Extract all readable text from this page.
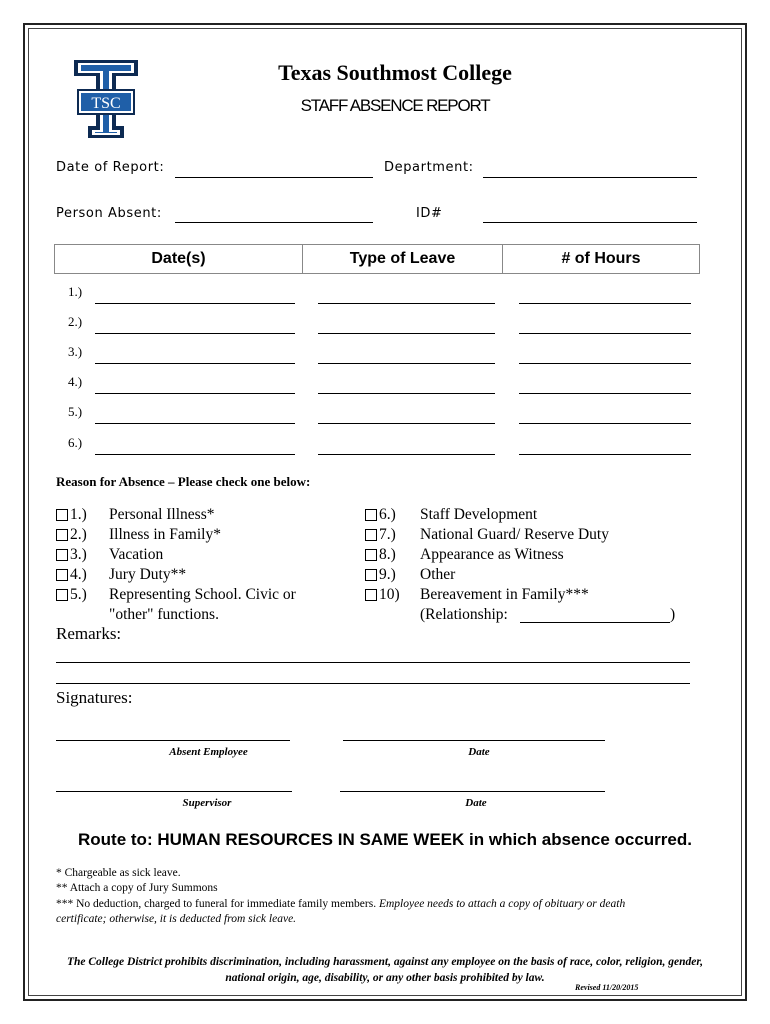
TSC
Texas Southmost College
STAFF ABSENCE REPORT
Date of Report:	Department:
Person Absent:	ID#
Date(s)	Type of Leave	# of Hours
1.)
2.)
3.)
4.)
5.)
6.)
Reason for Absence – Please check one below:
1.) Personal Illness*
2.) Illness in Family*
3.) Vacation
4.) Jury Duty**
5.) Representing School. Civic or
"other" functions.
6.) Staff Development
7.) National Guard/ Reserve Duty
8.) Appearance as Witness
9.) Other
10) Bereavement in Family***
(Relationship:	)
Remarks:
Signatures:
Absent Employee	Date
Supervisor	Date
Route to: HUMAN RESOURCES IN SAME WEEK in which absence occurred.
* Chargeable as sick leave.
** Attach a copy of Jury Summons
*** No deduction, charged to funeral for immediate family members. Employee needs to attach a copy of obituary or death
certificate; otherwise, it is deducted from sick leave.
The College District prohibits discrimination, including harassment, against any employee on the basis of race, color, religion, gender, national origin, age, disability, or any other basis prohibited by law.
Revised 11/20/2015
